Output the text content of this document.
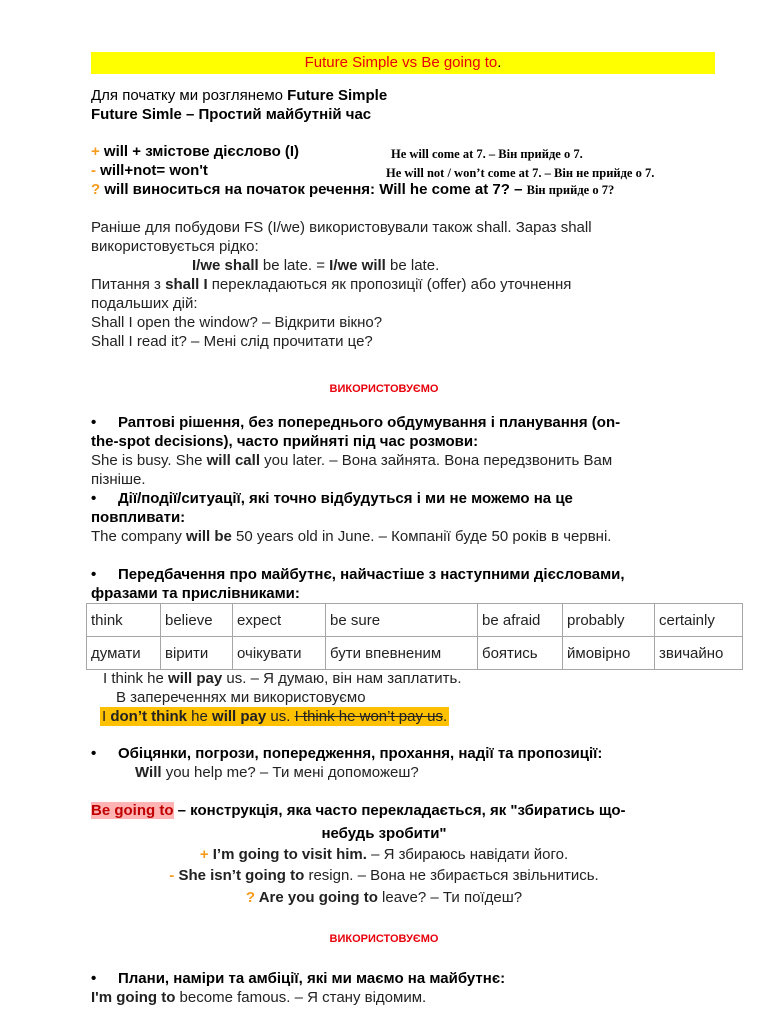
Future Simple vs Be going to.
Для початку ми розглянемо Future Simple
Future Simle – Простий майбутній час
+ will + змістове дієслово (I)	He will come at 7. – Він прийде о 7.
- will+not= won't	He will not / won’t come at 7. – Він не прийде о 7.
? will виноситься на початок речення: Will he come at 7? – Він прийде о 7?
Раніше для побудови FS (I/we) використовували також shall. Зараз shall
використовується рідко:
I/we shall be late. = I/we will be late.
Питання з shall I перекладаються як пропозиції (offer) або уточнення
подальших дій:
Shall I open the window? – Відкрити вікно?
Shall I read it? – Мені слід прочитати це?
ВИКОРИСТОВУЄМО
• Раптові рішення, без попереднього обдумування і планування (on-
the-spot decisions), часто прийняті під час розмови:
She is busy. She will call you later. – Вона зайнята. Вона передзвонить Вам
пізніше.
• Дії/події/ситуації, які точно відбудуться і ми не можемо на це
повпливати:
The company will be 50 years old in June. – Компанії буде 50 років в червні.
• Передбачення про майбутнє, найчастіше з наступними дієсловами,
фразами та прислівниками:
think	believe	expect	be sure	be afraid	probably	certainly
думати	вірити	очікувати	бути впевненим	боятись	ймовірно	звичайно
I think he will pay us. – Я думаю, він нам заплатить.
В запереченнях ми використовуємо
I don’t think he will pay us. I think he won’t pay us.
• Обіцянки, погрози, попередження, прохання, надії та пропозиції:
Will you help me? – Ти мені допоможеш?
Be going to – конструкція, яка часто перекладається, як "збиратись що-
небудь зробити"
+ I’m going to visit him. – Я збираюсь навідати його.
- She isn’t going to resign. – Вона не збирається звільнитись.
? Are you going to leave? – Ти поїдеш?
ВИКОРИСТОВУЄМО
• Плани, наміри та амбіції, які ми маємо на майбутнє:
I'm going to become famous. – Я стану відомим.
